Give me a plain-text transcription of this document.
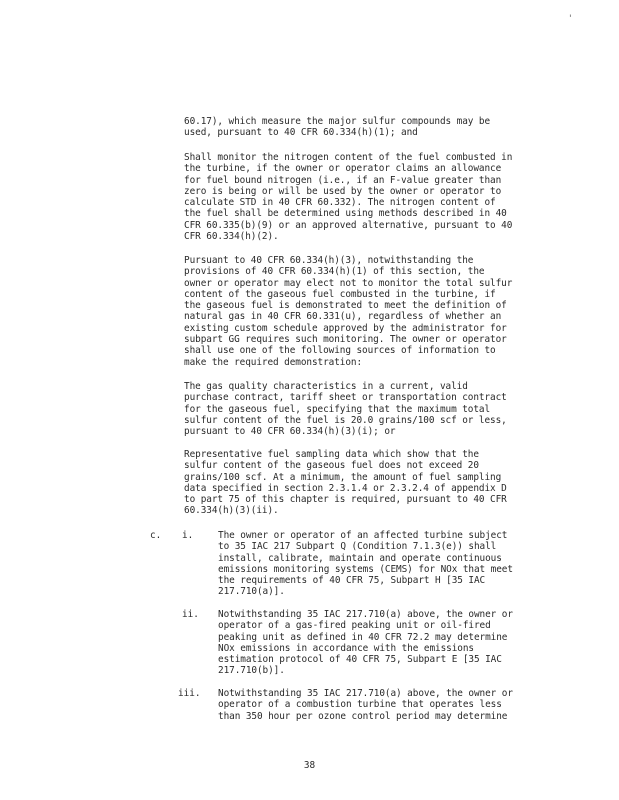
'
60.17), which measure the major sulfur compounds may be
used, pursuant to 40 CFR 60.334(h)(1); and
Shall monitor the nitrogen content of the fuel combusted in
the turbine, if the owner or operator claims an allowance
for fuel bound nitrogen (i.e., if an F-value greater than
zero is being or will be used by the owner or operator to
calculate STD in 40 CFR 60.332). The nitrogen content of
the fuel shall be determined using methods described in 40
CFR 60.335(b)(9) or an approved alternative, pursuant to 40
CFR 60.334(h)(2).
Pursuant to 40 CFR 60.334(h)(3), notwithstanding the
provisions of 40 CFR 60.334(h)(1) of this section, the
owner or operator may elect not to monitor the total sulfur
content of the gaseous fuel combusted in the turbine, if
the gaseous fuel is demonstrated to meet the definition of
natural gas in 40 CFR 60.331(u), regardless of whether an
existing custom schedule approved by the administrator for
subpart GG requires such monitoring. The owner or operator
shall use one of the following sources of information to
make the required demonstration:
The gas quality characteristics in a current, valid
purchase contract, tariff sheet or transportation contract
for the gaseous fuel, specifying that the maximum total
sulfur content of the fuel is 20.0 grains/100 scf or less,
pursuant to 40 CFR 60.334(h)(3)(i); or
Representative fuel sampling data which show that the
sulfur content of the gaseous fuel does not exceed 20
grains/100 scf. At a minimum, the amount of fuel sampling
data specified in section 2.3.1.4 or 2.3.2.4 of appendix D
to part 75 of this chapter is required, pursuant to 40 CFR
60.334(h)(3)(ii).
c. i.	The owner or operator of an affected turbine subject
to 35 IAC 217 Subpart Q (Condition 7.1.3(e)) shall
install, calibrate, maintain and operate continuous
emissions monitoring systems (CEMS) for NOx that meet
the requirements of 40 CFR 75, Subpart H [35 IAC
217.710(a)].
ii. Notwithstanding 35 IAC 217.710(a) above, the owner or
operator of a gas-fired peaking unit or oil-fired
peaking unit as defined in 40 CFR 72.2 may determine
NOx emissions in accordance with the emissions
estimation protocol of 40 CFR 75, Subpart E [35 IAC
217.710(b)].
iii. Notwithstanding 35 IAC 217.710(a) above, the owner or
operator of a combustion turbine that operates less
than 350 hour per ozone control period may determine
38
